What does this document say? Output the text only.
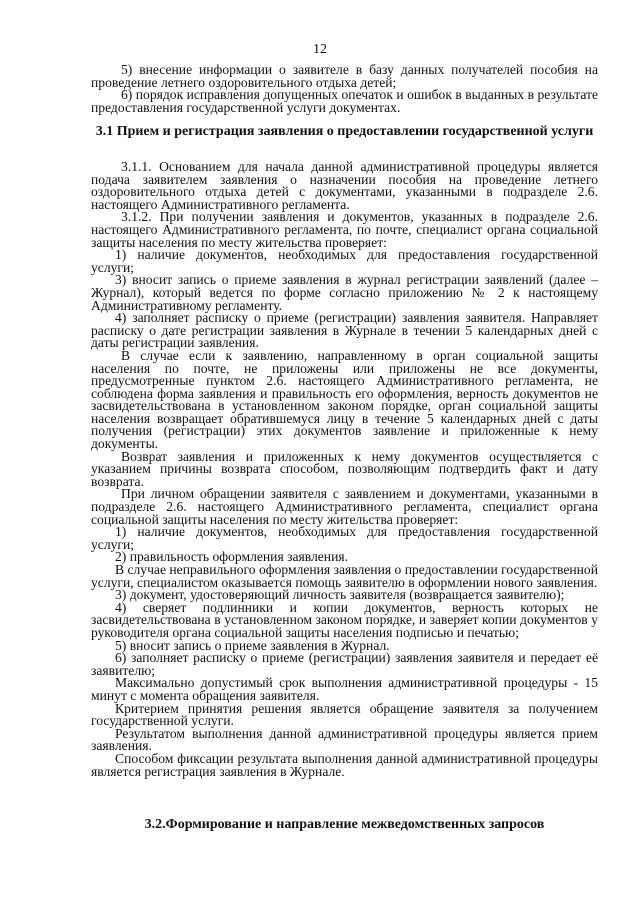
12

5) внесение информации о заявителе в базу данных получателей пособия на проведение летнего оздоровительного отдыха детей;

6) порядок исправления допущенных опечаток и ошибок в выданных в результате предоставления государственной услуги документах.

3.1 Прием и регистрация заявления о предоставлении государственной услуги

3.1.1. Основанием для начала данной административной процедуры является подача заявителем заявления о назначении пособия на проведение летнего оздоровительного отдыха детей с документами, указанными в подразделе 2.6. настоящего Административного регламента.

3.1.2. При получении заявления и документов, указанных в подразделе 2.6. настоящего Административного регламента, по почте, специалист органа социальной защиты населения по месту жительства проверяет:

1) наличие документов, необходимых для предоставления государственной услуги;

3) вносит запись о приеме заявления в журнал регистрации заявлений (далее – Журнал), который ведется по форме согласно приложению № 2 к настоящему Административному регламенту.

4) заполняет расписку о приеме (регистрации) заявления заявителя. Направляет расписку о дате регистрации заявления в Журнале в течении 5 календарных дней с даты регистрации заявления.

В случае если к заявлению, направленному в орган социальной защиты населения по почте, не приложены или приложены не все документы, предусмотренные пунктом 2.6. настоящего Административного регламента, не соблюдена форма заявления и правильность его оформления, верность документов не засвидетельствована в установленном законом порядке, орган социальной защиты населения возвращает обратившемуся лицу в течение 5 календарных дней с даты получения (регистрации) этих документов заявление и приложенные к нему документы.

Возврат заявления и приложенных к нему документов осуществляется с указанием причины возврата способом, позволяющим подтвердить факт и дату возврата.

При личном обращении заявителя с заявлением и документами, указанными в подразделе 2.6. настоящего Административного регламента, специалист органа социальной защиты населения по месту жительства проверяет:

1) наличие документов, необходимых для предоставления государственной услуги;

2) правильность оформления заявления.

В случае неправильного оформления заявления о предоставлении государственной услуги, специалистом оказывается помощь заявителю в оформлении нового заявления.

3) документ, удостоверяющий личность заявителя (возвращается заявителю);

4) сверяет подлинники и копии документов, верность которых не засвидетельствована в установленном законом порядке, и заверяет копии документов у руководителя органа социальной защиты населения подписью и печатью;

5) вносит запись о приеме заявления в Журнал.

6) заполняет расписку о приеме (регистрации) заявления заявителя и передает её заявителю;

Максимально допустимый срок выполнения административной процедуры - 15 минут с момента обращения заявителя.

Критерием принятия решения является обращение заявителя за получением государственной услуги.

Результатом выполнения данной административной процедуры является прием заявления.

Способом фиксации результата выполнения данной административной процедуры является регистрация заявления в Журнале.

3.2.Формирование и направление межведомственных запросов
